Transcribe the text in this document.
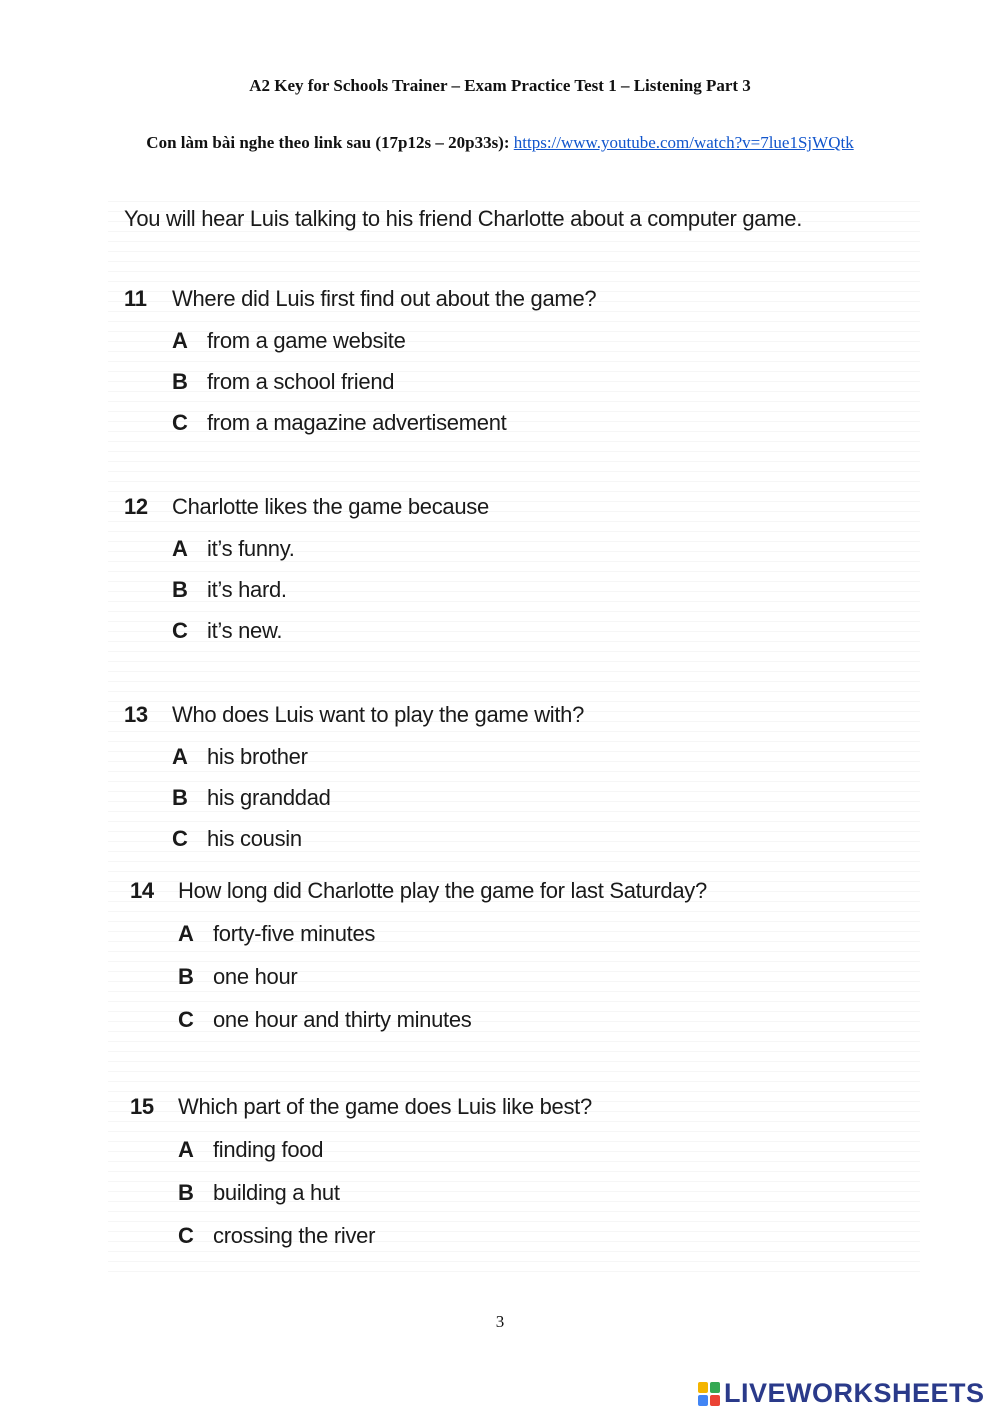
A2 Key for Schools Trainer – Exam Practice Test 1 – Listening Part 3
Con làm bài nghe theo link sau (17p12s – 20p33s): https://www.youtube.com/watch?v=7lue1SjWQtk
You will hear Luis talking to his friend Charlotte about a computer game.
11	Where did Luis first find out about the game?
A from a game website
B from a school friend
C from a magazine advertisement
12	Charlotte likes the game because
A it’s funny.
B it’s hard.
C it’s new.
13	Who does Luis want to play the game with?
A his brother
B his granddad
C his cousin
14	How long did Charlotte play the game for last Saturday?
A forty-five minutes
B one hour
C one hour and thirty minutes
15	Which part of the game does Luis like best?
A finding food
B building a hut
C crossing the river
3
LIVEWORKSHEETS
